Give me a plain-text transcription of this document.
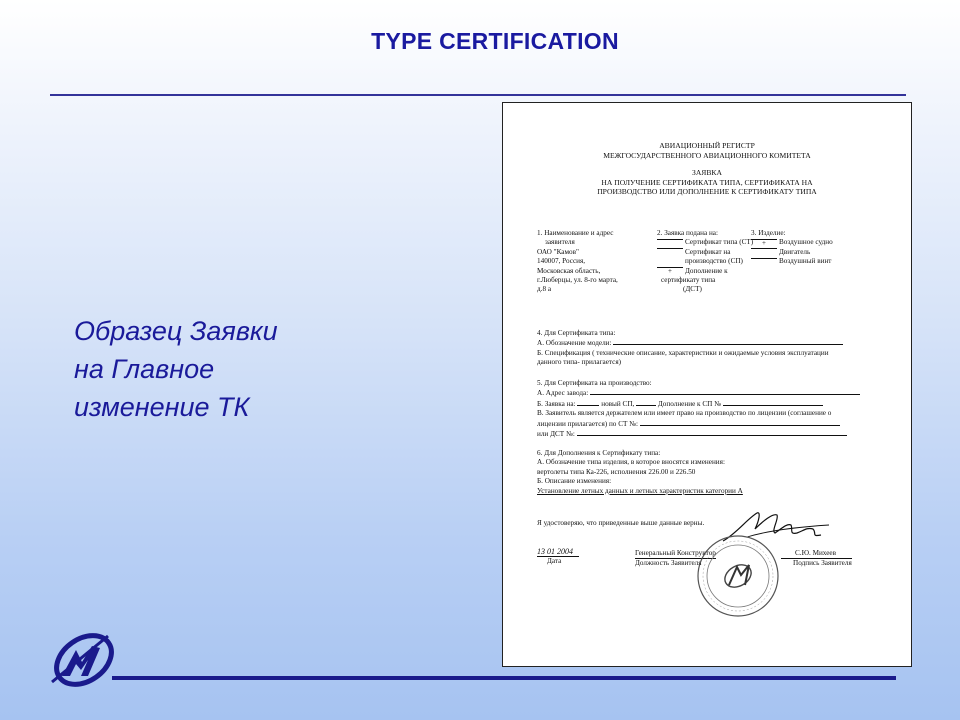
TYPE CERTIFICATION
Образец Заявки
на Главное
изменение ТК
АВИАЦИОННЫЙ РЕГИСТР
МЕЖГОСУДАРСТВЕННОГО АВИАЦИОННОГО КОМИТЕТА
ЗАЯВКА
НА ПОЛУЧЕНИЕ СЕРТИФИКАТА ТИПА, СЕРТИФИКАТА НА
ПРОИЗВОДСТВО ИЛИ ДОПОЛНЕНИЕ К СЕРТИФИКАТУ ТИПА
1. Наименование и адрес
заявителя
ОАО "Камов"
140007, Россия,
Московская область,
г.Люберцы, ул. 8-го марта,
д.8 а
2. Заявка подана на:
Сертификат типа (СТ)
Сертификат на
производство (СП)
+ Дополнение к
сертификату типа
(ДСТ)
3. Изделие:
+ Воздушное судно
Двигатель
Воздушный винт
4. Для Сертификата типа:
А. Обозначение модели:
Б. Спецификация ( технические описание, характеристики и ожидаемые условия эксплуатации
данного типа- прилагается)
5. Для Сертификата на производство:
А. Адрес завода:
Б. Заявка на:	новый СП,	Дополнение к СП №
В. Заявитель является держателем или имеет право на производство по лицензии (соглашение о
лицензии прилагается) по СТ №:
или ДСТ №:
6. Для Дополнения к Сертификату типа:
А. Обозначение типа изделия, в которое вносятся изменения:
вертолеты типа Ка-226, исполнения 226.00 и 226.50
Б. Описание изменения:
Установление летных данных и летных характеристик категории А
Я удостоверяю, что приведенные выше данные верны.
13 01 2004
Дата
Генеральный Конструктор
Должность Заявителя
С.Ю. Михеев
Подпись Заявителя
